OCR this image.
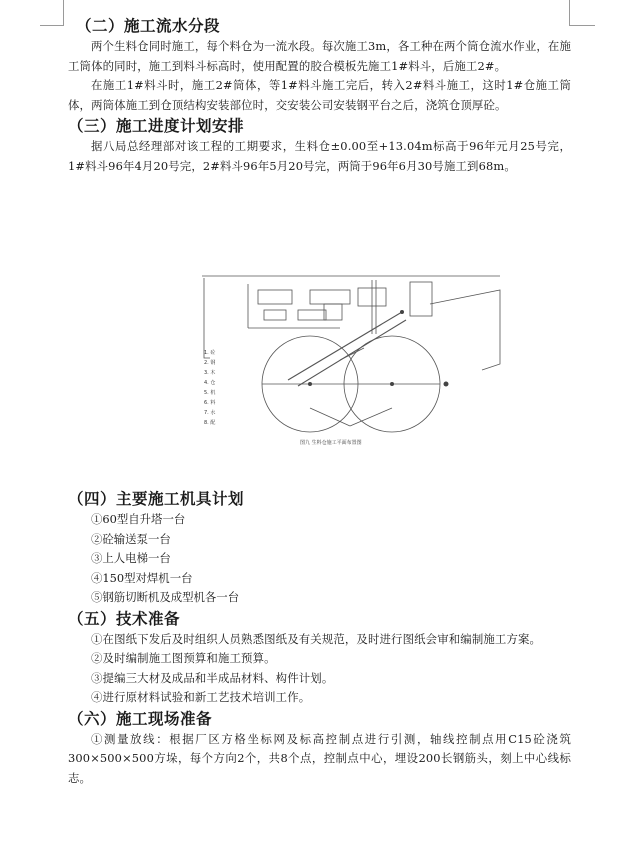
（二）施工流水分段

两个生料仓同时施工，每个料仓为一流水段。每次施工3m，各工种在两个筒仓流水作业，在施工筒体的同时，施工到料斗标高时，使用配置的胶合模板先施工1#料斗，后施工2#。

在施工1#料斗时，施工2#筒体，等1#料斗施工完后，转入2#料斗施工，这时1#仓施工筒体，两筒体施工到仓顶结构安装部位时，交安装公司安装钢平台之后，浇筑仓顶厚砼。

（三）施工进度计划安排

据八局总经理部对该工程的工期要求，生料仓±0.00至+13.04m标高于96年元月25号完，1#料斗96年4月20号完，2#料斗96年5月20号完，两筒于96年6月30号施工到68m。

1. 砼
2. 钢
3. 木
4. 仓
5. 机
6. 料
7. 水
8. 配
图九 生料仓施工平面布置图
（四）主要施工机具计划
①60型自升塔一台
②砼输送泵一台
③上人电梯一台
④150型对焊机一台
⑤钢筋切断机及成型机各一台
（五）技术准备

①在图纸下发后及时组织人员熟悉图纸及有关规范，及时进行图纸会审和编制施工方案。

②及时编制施工图预算和施工预算。

③提编三大材及成品和半成品材料、构件计划。

④进行原材料试验和新工艺技术培训工作。

（六）施工现场准备

①测量放线：根据厂区方格坐标网及标高控制点进行引测，轴线控制点用C15砼浇筑300×500×500方垛，每个方向2个，共8个点，控制点中心，埋设200长钢筋头，刻上中心线标志。
